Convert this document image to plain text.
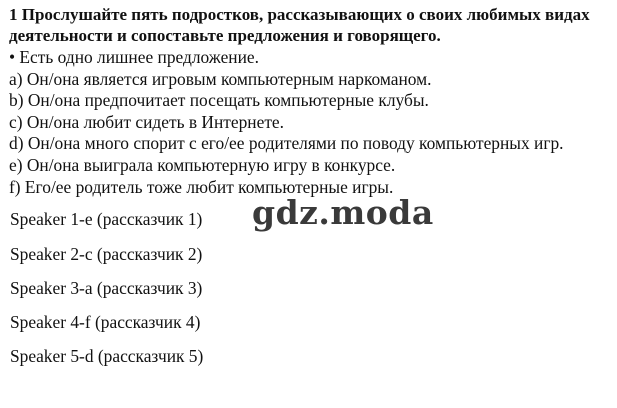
1 Прослушайте пять подростков, рассказывающих о своих любимых видах деятельности и сопоставьте предложения и говорящего.

• Есть одно лишнее предложение.
a) Он/она является игровым компьютерным наркоманом.
b) Он/она предпочитает посещать компьютерные клубы.
c) Он/она любит сидеть в Интернете.
d) Он/она много спорит с его/ее родителями по поводу компьютерных игр.
e) Он/она выиграла компьютерную игру в конкурсе.
f) Его/ее родитель тоже любит компьютерные игры.
Speaker 1-e (рассказчик 1)
Speaker 2-c (рассказчик 2)
Speaker 3-a (рассказчик 3)
Speaker 4-f (рассказчик 4)
Speaker 5-d (рассказчик 5)
gdz.moda
